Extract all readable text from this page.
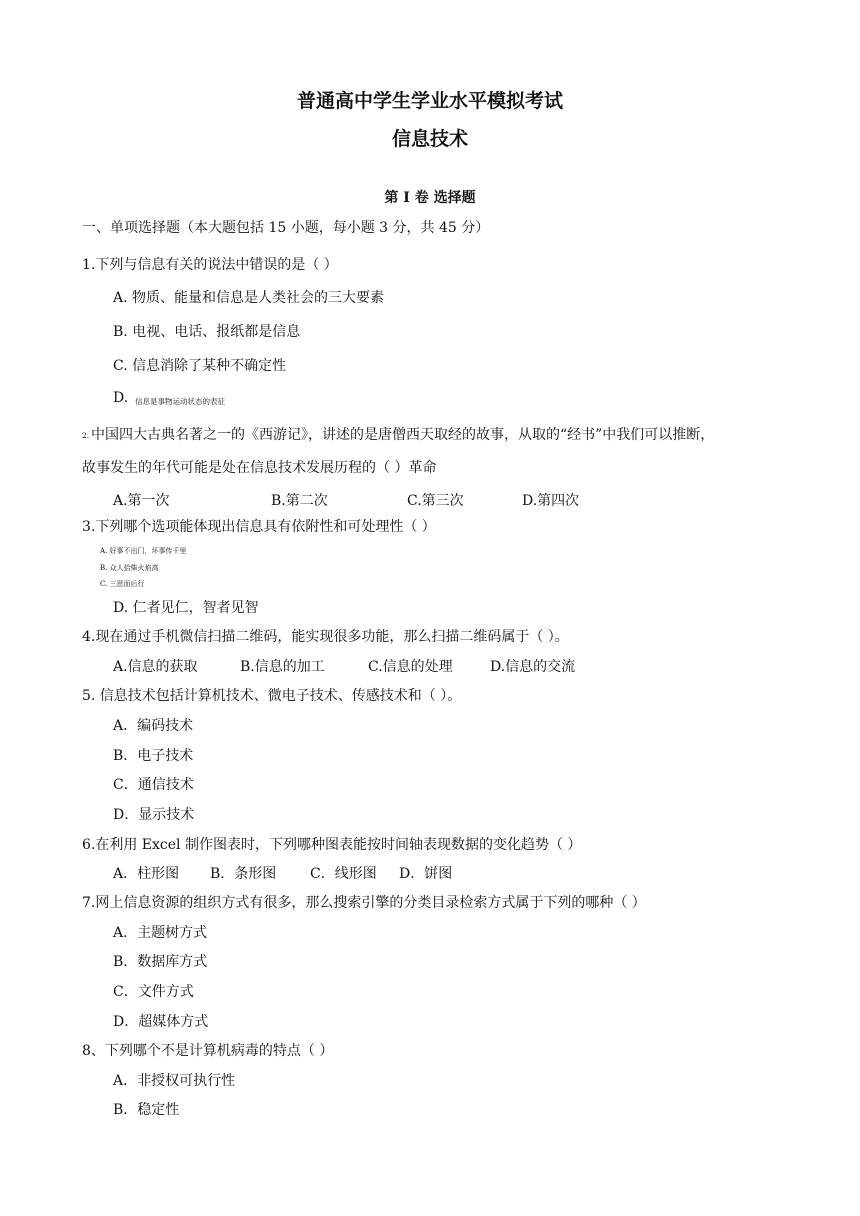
普通高中学生学业水平模拟考试
信息技术
第 I 卷 选择题
一、单项选择题（本大题包括 15 小题，每小题 3 分，共 45 分）
1.下列与信息有关的说法中错误的是（ ）
A. 物质、能量和信息是人类社会的三大要素
B. 电视、电话、报纸都是信息
C. 信息消除了某种不确定性
D. 信息是事物运动状态的表征
2. 中国四大古典名著之一的《西游记》，讲述的是唐僧西天取经的故事，从取的“经书”中我们可以推断，
故事发生的年代可能是处在信息技术发展历程的（ ）革命
A.第一次	B.第二次	C.第三次	D.第四次
3.下列哪个选项能体现出信息具有依附性和可处理性（ ）
A. 好事不出门，坏事传千里
B. 众人拾柴火焰高
C. 三思而后行
D. 仁者见仁，智者见智
4.现在通过手机微信扫描二维码，能实现很多功能，那么扫描二维码属于（ ）。
A.信息的获取	B.信息的加工	C.信息的处理	D.信息的交流
5. 信息技术包括计算机技术、微电子技术、传感技术和（ ）。
A．编码技术
B．电子技术
C．通信技术
D．显示技术
6.在利用 Excel 制作图表时，下列哪种图表能按时间轴表现数据的变化趋势（ ）
A．柱形图 B．条形图 C．线形图 D．饼图
7.网上信息资源的组织方式有很多，那么搜索引擎的分类目录检索方式属于下列的哪种（ ）
A．主题树方式
B．数据库方式
C．文件方式
D．超媒体方式
8、下列哪个不是计算机病毒的特点（ ）
A．非授权可执行性
B．稳定性
